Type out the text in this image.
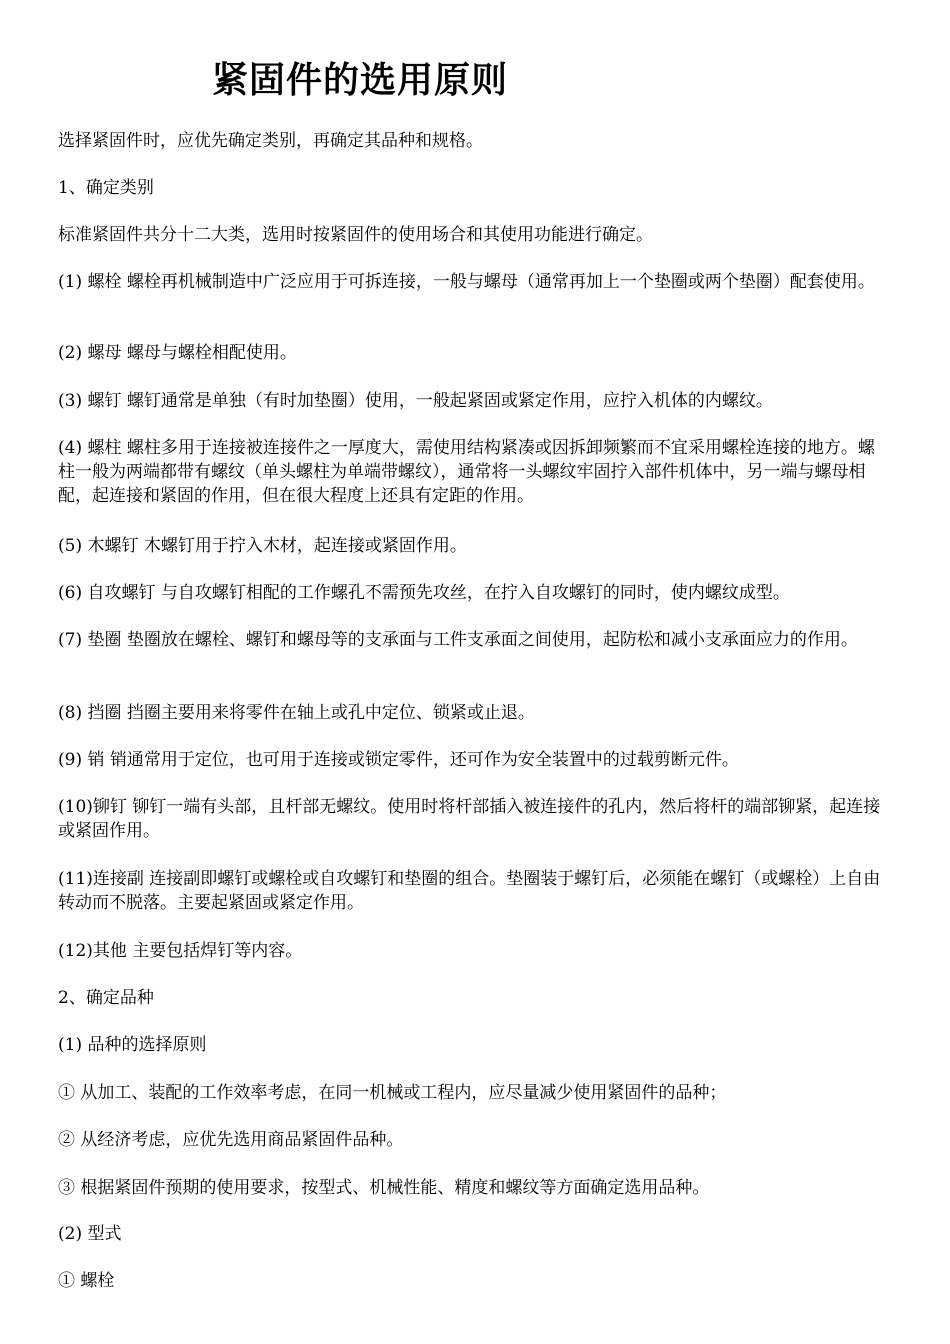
紧固件的选用原则

选择紧固件时，应优先确定类别，再确定其品种和规格。

1、确定类别

标准紧固件共分十二大类，选用时按紧固件的使用场合和其使用功能进行确定。

(1) 螺栓 螺栓再机械制造中广泛应用于可拆连接，一般与螺母（通常再加上一个垫圈或两个垫圈）配套使用。

(2) 螺母 螺母与螺栓相配使用。

(3) 螺钉 螺钉通常是单独（有时加垫圈）使用，一般起紧固或紧定作用，应拧入机体的内螺纹。

(4) 螺柱 螺柱多用于连接被连接件之一厚度大，需使用结构紧凑或因拆卸频繁而不宜采用螺栓连接的地方。螺柱一般为两端都带有螺纹（单头螺柱为单端带螺纹），通常将一头螺纹牢固拧入部件机体中，另一端与螺母相配，起连接和紧固的作用，但在很大程度上还具有定距的作用。

(5) 木螺钉 木螺钉用于拧入木材，起连接或紧固作用。

(6) 自攻螺钉 与自攻螺钉相配的工作螺孔不需预先攻丝，在拧入自攻螺钉的同时，使内螺纹成型。

(7) 垫圈 垫圈放在螺栓、螺钉和螺母等的支承面与工件支承面之间使用，起防松和减小支承面应力的作用。

(8) 挡圈 挡圈主要用来将零件在轴上或孔中定位、锁紧或止退。

(9) 销 销通常用于定位，也可用于连接或锁定零件，还可作为安全装置中的过载剪断元件。

(10)铆钉 铆钉一端有头部，且杆部无螺纹。使用时将杆部插入被连接件的孔内，然后将杆的端部铆紧，起连接或紧固作用。

(11)连接副 连接副即螺钉或螺栓或自攻螺钉和垫圈的组合。垫圈装于螺钉后，必须能在螺钉（或螺栓）上自由转动而不脱落。主要起紧固或紧定作用。

(12)其他 主要包括焊钉等内容。

2、确定品种

(1) 品种的选择原则

① 从加工、装配的工作效率考虑，在同一机械或工程内，应尽量减少使用紧固件的品种；

② 从经济考虑，应优先选用商品紧固件品种。

③ 根据紧固件预期的使用要求，按型式、机械性能、精度和螺纹等方面确定选用品种。

(2) 型式

① 螺栓
